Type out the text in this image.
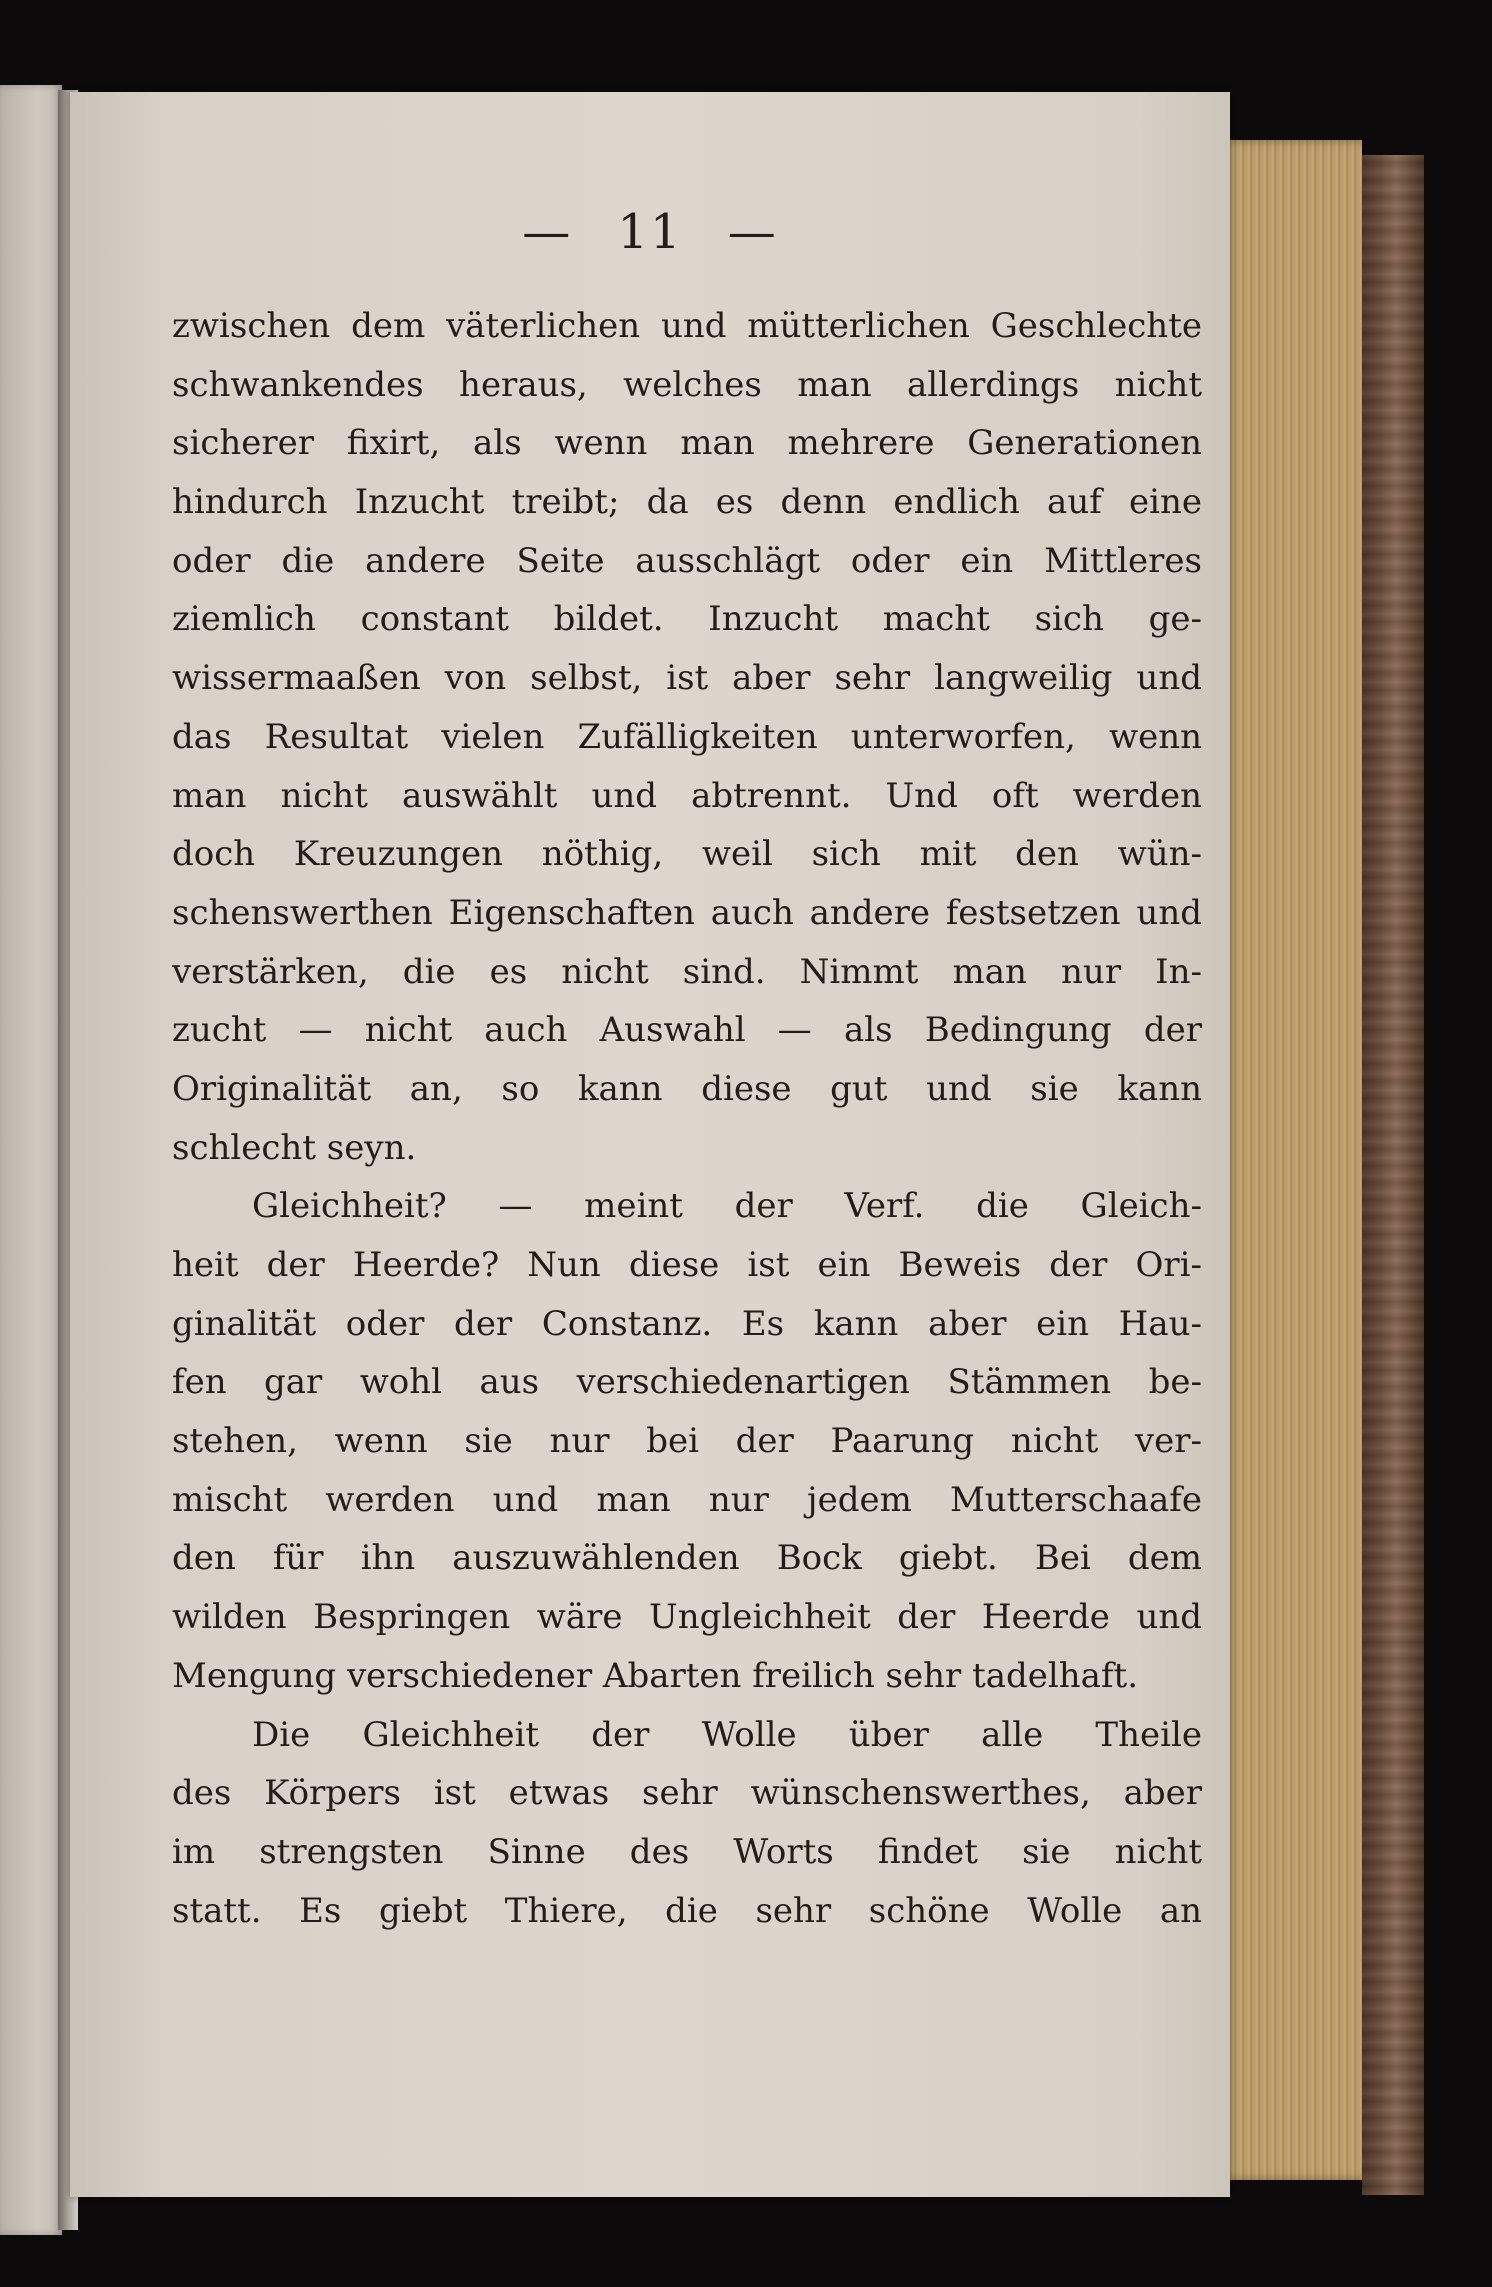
— 11 —
zwischen dem väterlichen und mütterlichen Geschlechte
schwankendes heraus, welches man allerdings nicht
sicherer fixirt, als wenn man mehrere Generationen
hindurch Inzucht treibt; da es denn endlich auf eine
oder die andere Seite ausschlägt oder ein Mittleres
ziemlich constant bildet. Inzucht macht sich ge-
wissermaaßen von selbst, ist aber sehr langweilig und
das Resultat vielen Zufälligkeiten unterworfen, wenn
man nicht auswählt und abtrennt. Und oft werden
doch Kreuzungen nöthig, weil sich mit den wün-
schenswerthen Eigenschaften auch andere festsetzen und
verstärken, die es nicht sind. Nimmt man nur In-
zucht — nicht auch Auswahl — als Bedingung der
Originalität an, so kann diese gut und sie kann
schlecht seyn.
Gleichheit? — meint der Verf. die Gleich-
heit der Heerde? Nun diese ist ein Beweis der Ori-
ginalität oder der Constanz. Es kann aber ein Hau-
fen gar wohl aus verschiedenartigen Stämmen be-
stehen, wenn sie nur bei der Paarung nicht ver-
mischt werden und man nur jedem Mutterschaafe
den für ihn auszuwählenden Bock giebt. Bei dem
wilden Bespringen wäre Ungleichheit der Heerde und
Mengung verschiedener Abarten freilich sehr tadelhaft.
Die Gleichheit der Wolle über alle Theile
des Körpers ist etwas sehr wünschenswerthes, aber
im strengsten Sinne des Worts findet sie nicht
statt. Es giebt Thiere, die sehr schöne Wolle an
